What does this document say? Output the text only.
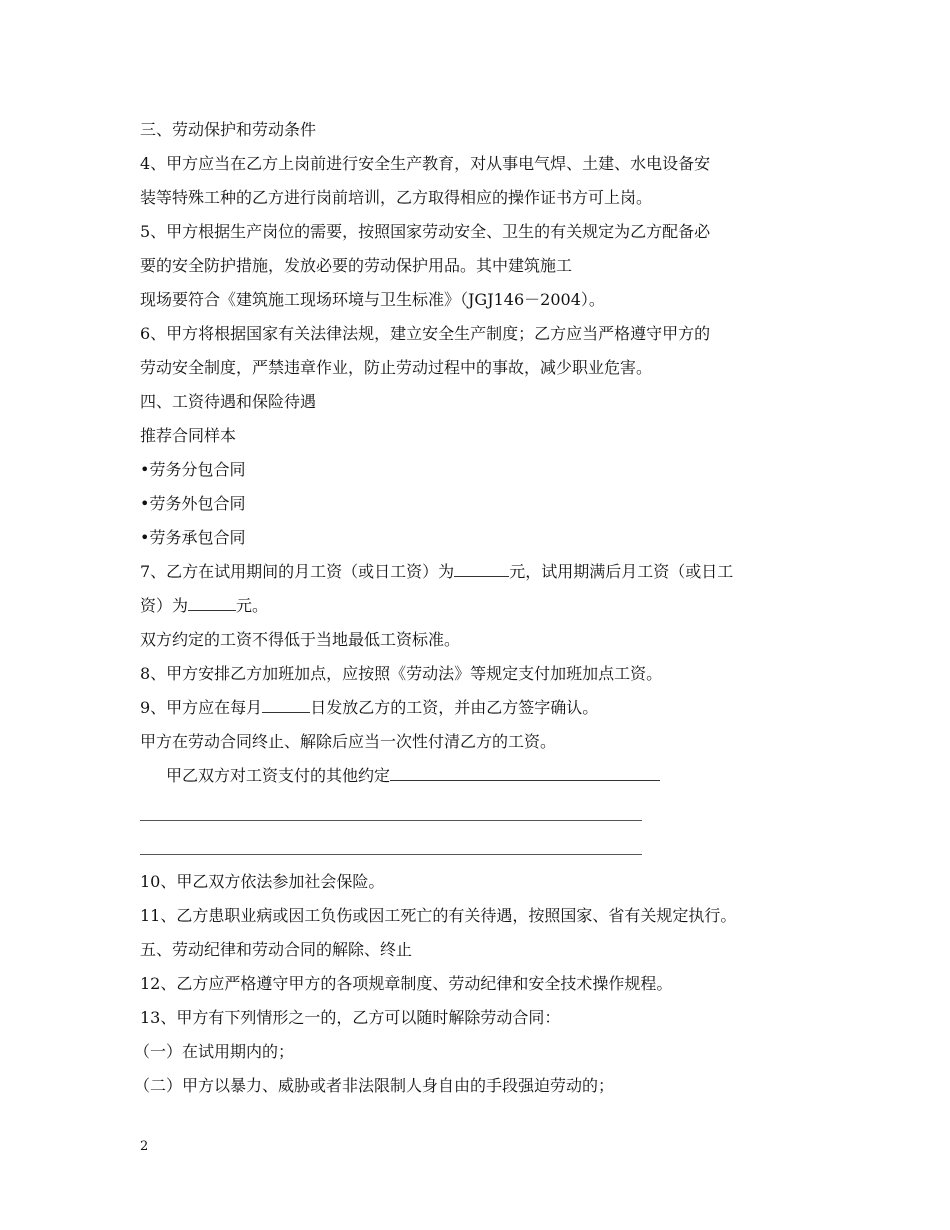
三、劳动保护和劳动条件
4、甲方应当在乙方上岗前进行安全生产教育，对从事电气焊、土建、水电设备安
装等特殊工种的乙方进行岗前培训，乙方取得相应的操作证书方可上岗。
5、甲方根据生产岗位的需要，按照国家劳动安全、卫生的有关规定为乙方配备必
要的安全防护措施，发放必要的劳动保护用品。其中建筑施工
现场要符合《建筑施工现场环境与卫生标准》（JGJ146－2004）。
6、甲方将根据国家有关法律法规，建立安全生产制度；乙方应当严格遵守甲方的
劳动安全制度，严禁违章作业，防止劳动过程中的事故，减少职业危害。
四、工资待遇和保险待遇
推荐合同样本
•劳务分包合同
•劳务外包合同
•劳务承包合同
7、乙方在试用期间的月工资（或日工资）为	元，试用期满后月工资（或日工
资）为	元。
双方约定的工资不得低于当地最低工资标准。
8、甲方安排乙方加班加点，应按照《劳动法》等规定支付加班加点工资。
9、甲方应在每月	日发放乙方的工资，并由乙方签字确认。
甲方在劳动合同终止、解除后应当一次性付清乙方的工资。
甲乙双方对工资支付的其他约定
10、甲乙双方依法参加社会保险。
11、乙方患职业病或因工负伤或因工死亡的有关待遇，按照国家、省有关规定执行。
五、劳动纪律和劳动合同的解除、终止
12、乙方应严格遵守甲方的各项规章制度、劳动纪律和安全技术操作规程。
13、甲方有下列情形之一的，乙方可以随时解除劳动合同：
（一）在试用期内的；
（二）甲方以暴力、威胁或者非法限制人身自由的手段强迫劳动的；
2
